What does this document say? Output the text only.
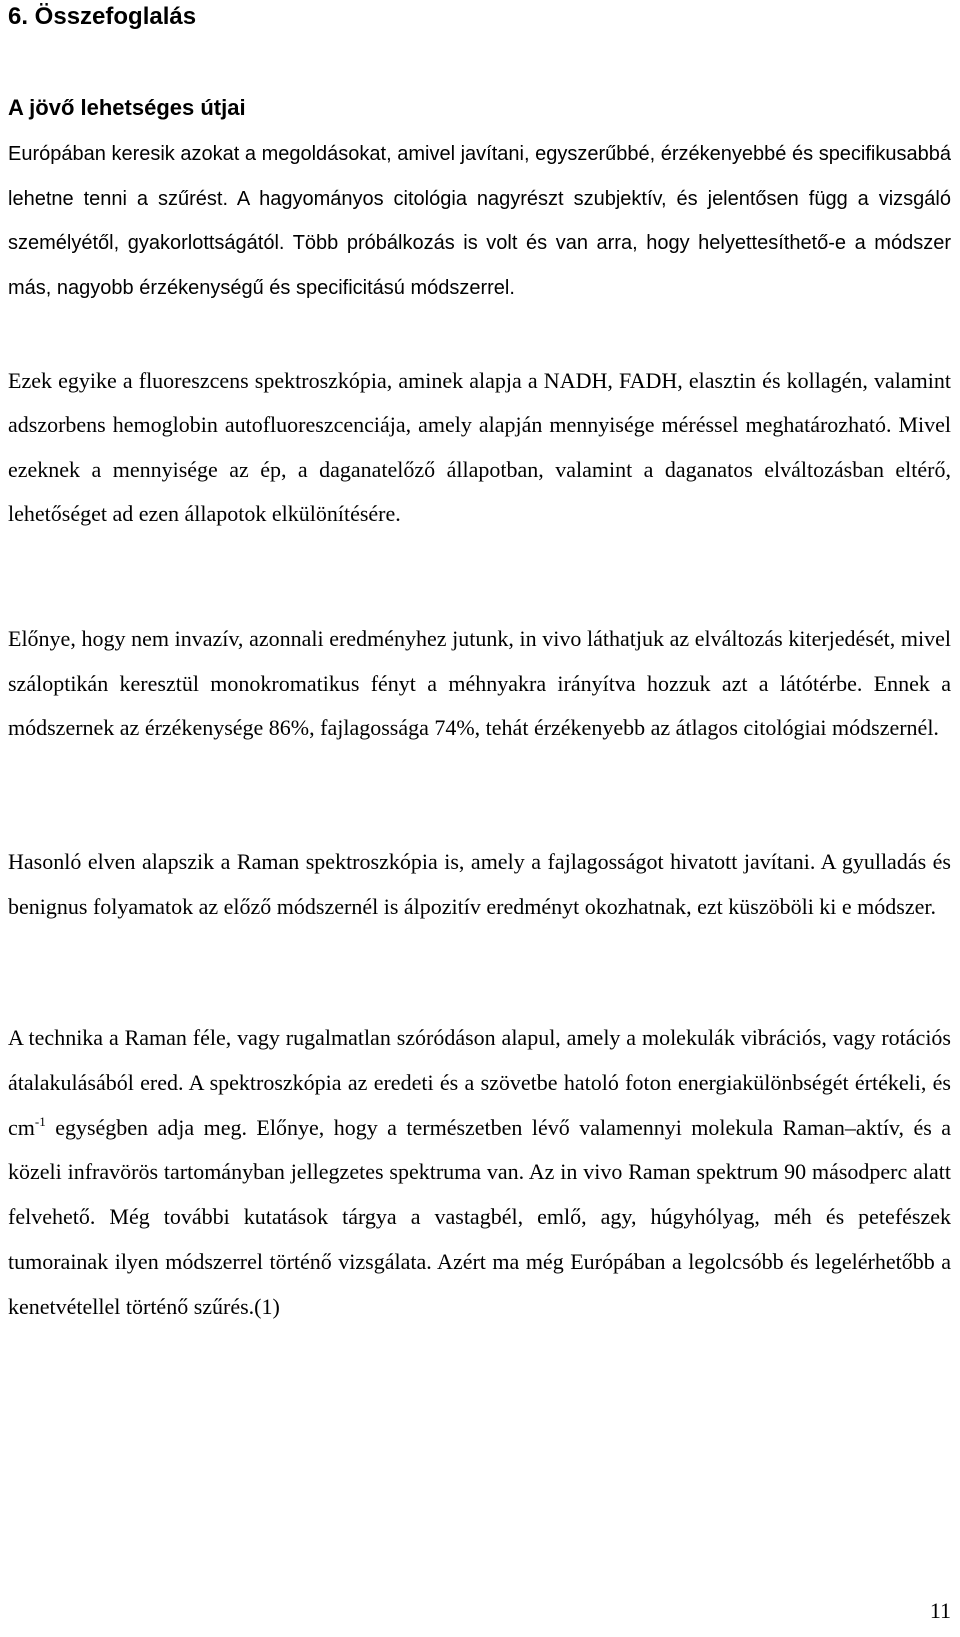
6. Összefoglalás
A jövő lehetséges útjai

Európában keresik azokat a megoldásokat, amivel javítani, egyszerűbbé, érzékenyebbé és specifikusabbá lehetne tenni a szűrést. A hagyományos citológia nagyrészt szubjektív, és jelentősen függ a vizsgáló személyétől, gyakorlottságától. Több próbálkozás is volt és van arra, hogy helyettesíthető-e a módszer más, nagyobb érzékenységű és specificitású módszerrel.

Ezek egyike a fluoreszcens spektroszkópia, aminek alapja a NADH, FADH, elasztin és kollagén, valamint adszorbens hemoglobin autofluoreszcenciája, amely alapján mennyisége méréssel meghatározható. Mivel ezeknek a mennyisége az ép, a daganatelőző állapotban, valamint a daganatos elváltozásban eltérő, lehetőséget ad ezen állapotok elkülönítésére.

Előnye, hogy nem invazív, azonnali eredményhez jutunk, in vivo láthatjuk az elváltozás kiterjedését, mivel száloptikán keresztül monokromatikus fényt a méhnyakra irányítva hozzuk azt a látótérbe. Ennek a módszernek az érzékenysége 86%, fajlagossága 74%, tehát érzékenyebb az átlagos citológiai módszernél.

Hasonló elven alapszik a Raman spektroszkópia is, amely a fajlagosságot hivatott javítani. A gyulladás és benignus folyamatok az előző módszernél is álpozitív eredményt okozhatnak, ezt küszöböli ki e módszer.

A technika a Raman féle, vagy rugalmatlan szóródáson alapul, amely a molekulák vibrációs, vagy rotációs átalakulásából ered. A spektroszkópia az eredeti és a szövetbe hatoló foton energiakülönbségét értékeli, és $cm^{-1}$ egységben adja meg. Előnye, hogy a természetben lévő valamennyi molekula Raman–aktív, és a közeli infravörös tartományban jellegzetes spektruma van. Az in vivo Raman spektrum 90 másodperc alatt felvehető. Még további kutatások tárgya a vastagbél, emlő, agy, húgyhólyag, méh és petefészek tumorainak ilyen módszerrel történő vizsgálata. Azért ma még Európában a legolcsóbb és legelérhetőbb a kenetvétellel történő szűrés.(1)

11
